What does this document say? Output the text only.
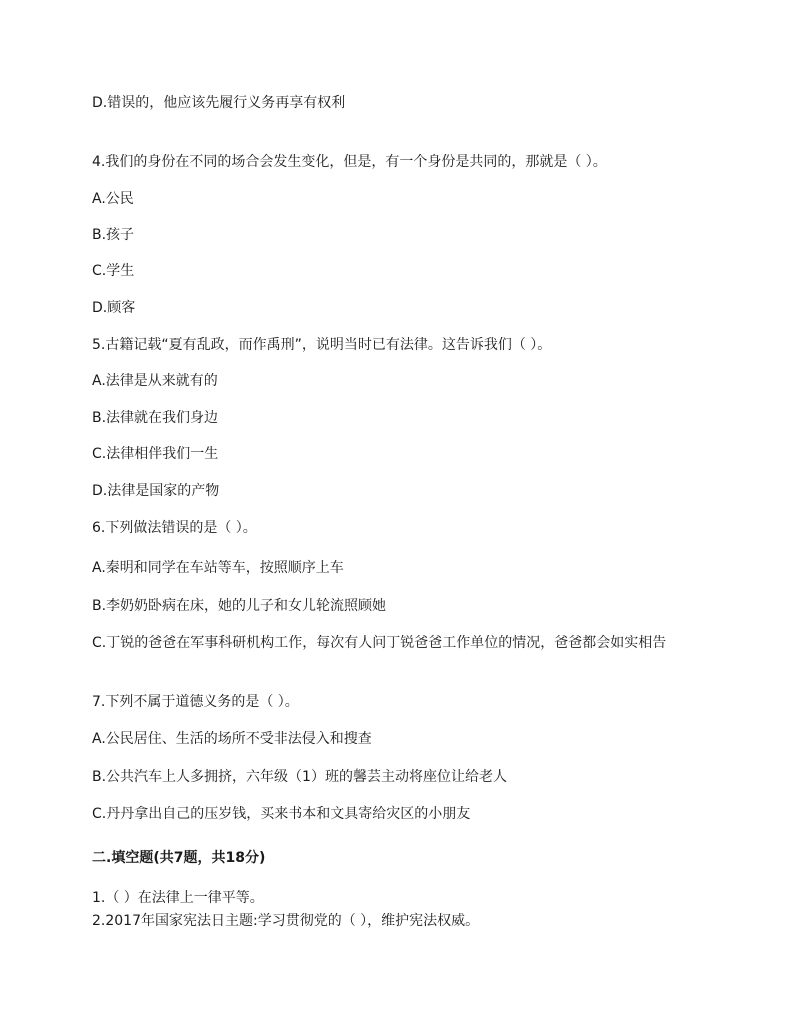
D.错误的，他应该先履行义务再享有权利
4.我们的身份在不同的场合会发生变化，但是，有一个身份是共同的，那就是（ ）。
A.公民
B.孩子
C.学生
D.顾客
5.古籍记载“夏有乱政，而作禹刑”，说明当时已有法律。这告诉我们（ ）。
A.法律是从来就有的
B.法律就在我们身边
C.法律相伴我们一生
D.法律是国家的产物
6.下列做法错误的是（ ）。
A.秦明和同学在车站等车，按照顺序上车
B.李奶奶卧病在床，她的儿子和女儿轮流照顾她
C.丁锐的爸爸在军事科研机构工作，每次有人问丁锐爸爸工作单位的情况，爸爸都会如实相告
7.下列不属于道德义务的是（ ）。
A.公民居住、生活的场所不受非法侵入和搜查
B.公共汽车上人多拥挤，六年级（1）班的馨芸主动将座位让给老人
C.丹丹拿出自己的压岁钱，买来书本和文具寄给灾区的小朋友
二.填空题(共7题，共18分)
1.（ ）在法律上一律平等。
2.2017年国家宪法日主题:学习贯彻党的（ ），维护宪法权威。
